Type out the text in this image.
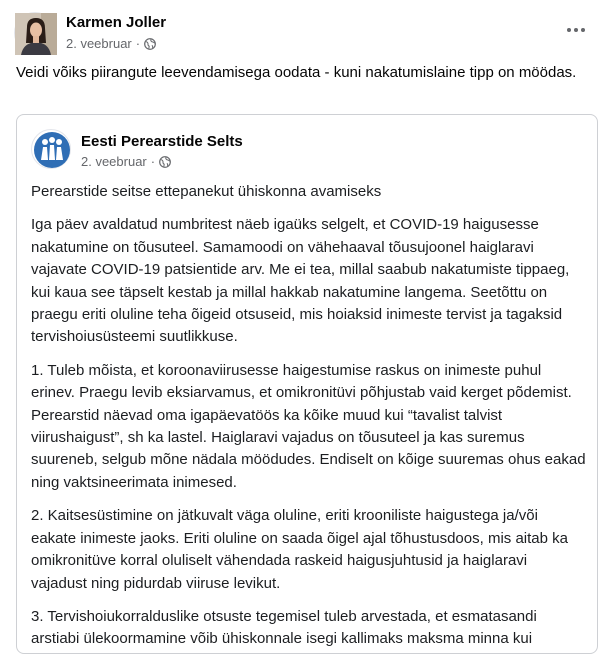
Karmen Joller
2. veebruar ·
Veidi võiks piirangute leevendamisega oodata - kuni nakatumislaine tipp on möödas.
Eesti Perearstide Selts
2. veebruar ·

Perearstide seitse ettepanekut ühiskonna avamiseks

Iga päev avaldatud numbritest näeb igaüks selgelt, et COVID-19 haigusesse nakatumine on tõusuteel. Samamoodi on vähehaaval tõusujoonel haiglaravi vajavate COVID-19 patsientide arv. Me ei tea, millal saabub nakatumiste tippaeg, kui kaua see täpselt kestab ja millal hakkab nakatumine langema. Seetõttu on praegu eriti oluline teha õigeid otsuseid, mis hoiaksid inimeste tervist ja tagaksid tervishoiusüsteemi suutlikkuse.

1. Tuleb mõista, et koroonaviirusesse haigestumise raskus on inimeste puhul erinev. Praegu levib eksiarvamus, et omikronitüvi põhjustab vaid kerget põdemist. Perearstid näevad oma igapäevatöös ka kõike muud kui “tavalist talvist viirushaigust”, sh ka lastel. Haiglaravi vajadus on tõusuteel ja kas suremus suureneb, selgub mõne nädala möödudes. Endiselt on kõige suuremas ohus eakad ning vaktsineerimata inimesed.

2. Kaitsesüstimine on jätkuvalt väga oluline, eriti krooniliste haigustega ja/või eakate inimeste jaoks. Eriti oluline on saada õigel ajal tõhustusdoos, mis aitab ka omikronitüve korral oluliselt vähendada raskeid haigusjuhtusid ja haiglaravi vajadust ning pidurdab viiruse levikut.

3. Tervishoiukorralduslike otsuste tegemisel tuleb arvestada, et esmatasandi arstiabi ülekoormamine võib ühiskonnale isegi kallimaks maksma minna kui
